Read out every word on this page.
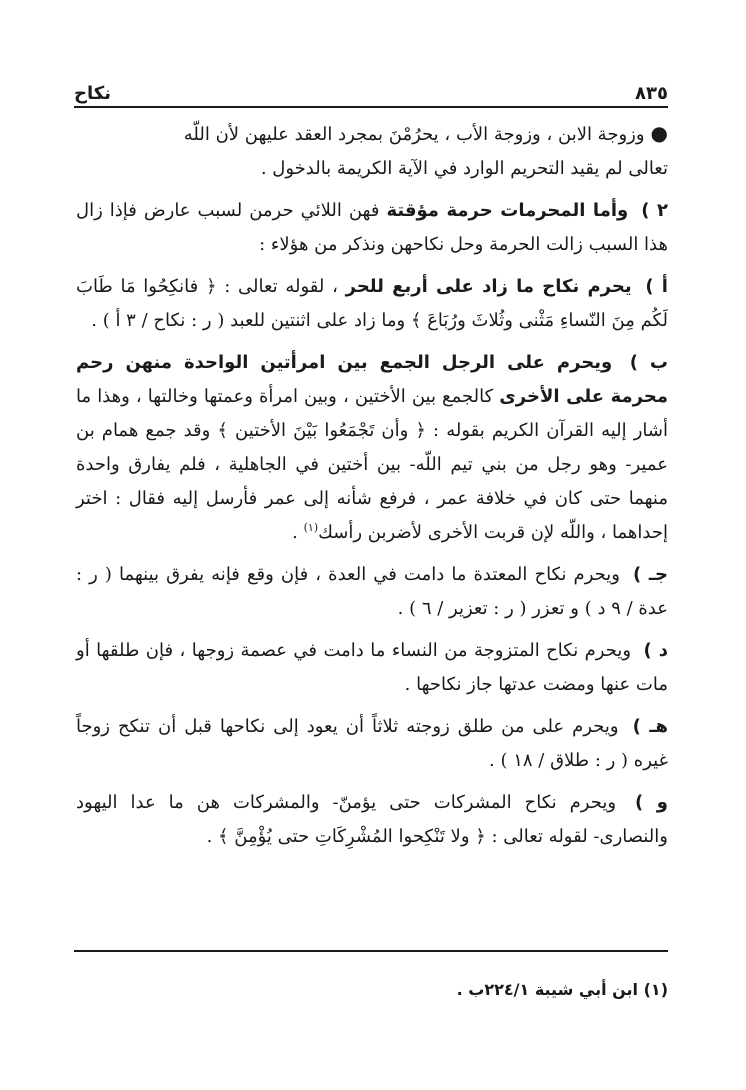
٨٣٥
نكاح

●وزوجة الابن ، وزوجة الأب ، يحرُمْنَ بمجرد العقد عليهن لأن اللّه

تعالى لم يقيد التحريم الوارد في الآية الكريمة بالدخول .

٢ ) وأما المحرمات حرمة مؤقتة فهن اللائي حرمن لسبب عارض فإذا زال هذا السبب زالت الحرمة وحل نكاحهن ونذكر من هؤلاء :
أ ) يحرم نكاح ما زاد على أربع للحر ، لقوله تعالى : ﴿ فانكِحُوا مَا طَابَ لَكُم مِنَ النّساءِ مَثْنى وثُلاثَ ورُبَاعَ ﴾ وما زاد على اثنتين للعبد ( ر : نكاح / ٣ أ ) .
ب ) ويحرم على الرجل الجمع بين امرأتين الواحدة منهن رحم محرمة على الأخرى كالجمع بين الأختين ، وبين امرأة وعمتها وخالتها ، وهذا ما أشار إليه القرآن الكريم بقوله : ﴿ وأن تَجْمَعُوا بَيْنَ الأختين ﴾ وقد جمع همام بن عمير- وهو رجل من بني تيم اللّه- بين أختين في الجاهلية ، فلم يفارق واحدة منهما حتى كان في خلافة عمر ، فرفع شأنه إلى عمر فأرسل إليه فقال : اختر إحداهما ، واللّه لإن قربت الأخرى لأضربن رأسك$^{(١)}$ .
جـ ) ويحرم نكاح المعتدة ما دامت في العدة ، فإن وقع فإنه يفرق بينهما ( ر : عدة / ٩ د ) و تعزر ( ر : تعزير / ٦ ) .
د ) ويحرم نكاح المتزوجة من النساء ما دامت في عصمة زوجها ، فإن طلقها أو مات عنها ومضت عدتها جاز نكاحها .
هـ ) ويحرم على من طلق زوجته ثلاثاً أن يعود إلى نكاحها قبل أن تنكح زوجاً غيره ( ر : طلاق / ١٨ ) .
و ) ويحرم نكاح المشركات حتى يؤمنّ- والمشركات هن ما عدا اليهود والنصارى- لقوله تعالى : ﴿ ولا تَنْكِحوا المُشْرِكَاتِ حتى يُؤْمِنَّ ﴾ .
(١) ابن أبي شيبة ٢٢٤/١ب .
